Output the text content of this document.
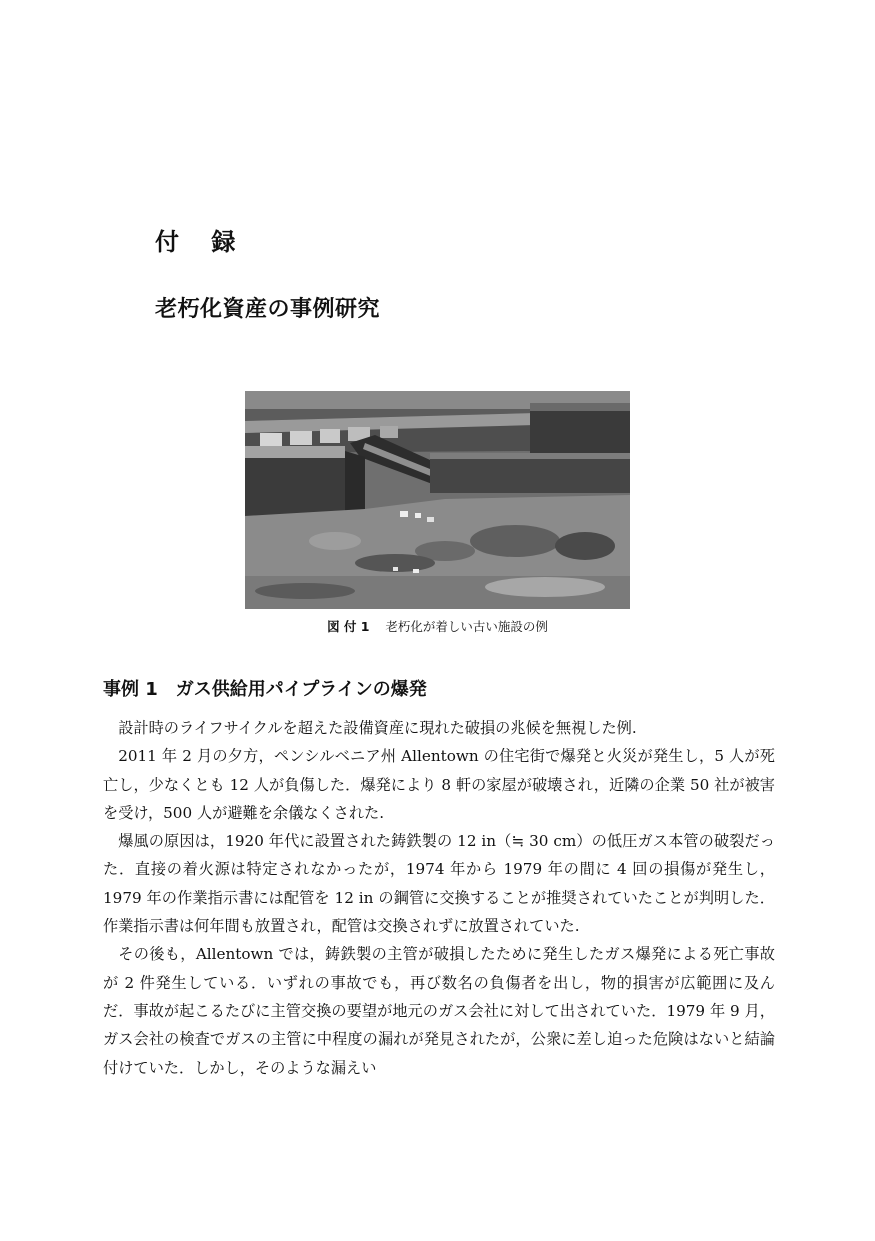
付 録
老朽化資産の事例研究

図 付 1 老朽化が着しい古い施設の例

事例 1 ガス供給用パイプラインの爆発

設計時のライフサイクルを超えた設備資産に現れた破損の兆候を無視した例.

2011 年 2 月の夕方，ペンシルベニア州 Allentown の住宅街で爆発と火災が発生し，5 人が死亡し，少なくとも 12 人が負傷した．爆発により 8 軒の家屋が破壊され，近隣の企業 50 社が被害を受け，500 人が避難を余儀なくされた.

爆風の原因は，1920 年代に設置された鋳鉄製の 12 in（≒ 30 cm）の低圧ガス本管の破裂だった．直接の着火源は特定されなかったが，1974 年から 1979 年の間に 4 回の損傷が発生し，1979 年の作業指示書には配管を 12 in の鋼管に交換することが推奨されていたことが判明した．作業指示書は何年間も放置され，配管は交換されずに放置されていた.

その後も，Allentown では，鋳鉄製の主管が破損したために発生したガス爆発による死亡事故が 2 件発生している．いずれの事故でも，再び数名の負傷者を出し，物的損害が広範囲に及んだ．事故が起こるたびに主管交換の要望が地元のガス会社に対して出されていた．1979 年 9 月，ガス会社の検査でガスの主管に中程度の漏れが発見されたが，公衆に差し迫った危険はないと結論付けていた．しかし，そのような漏えい
